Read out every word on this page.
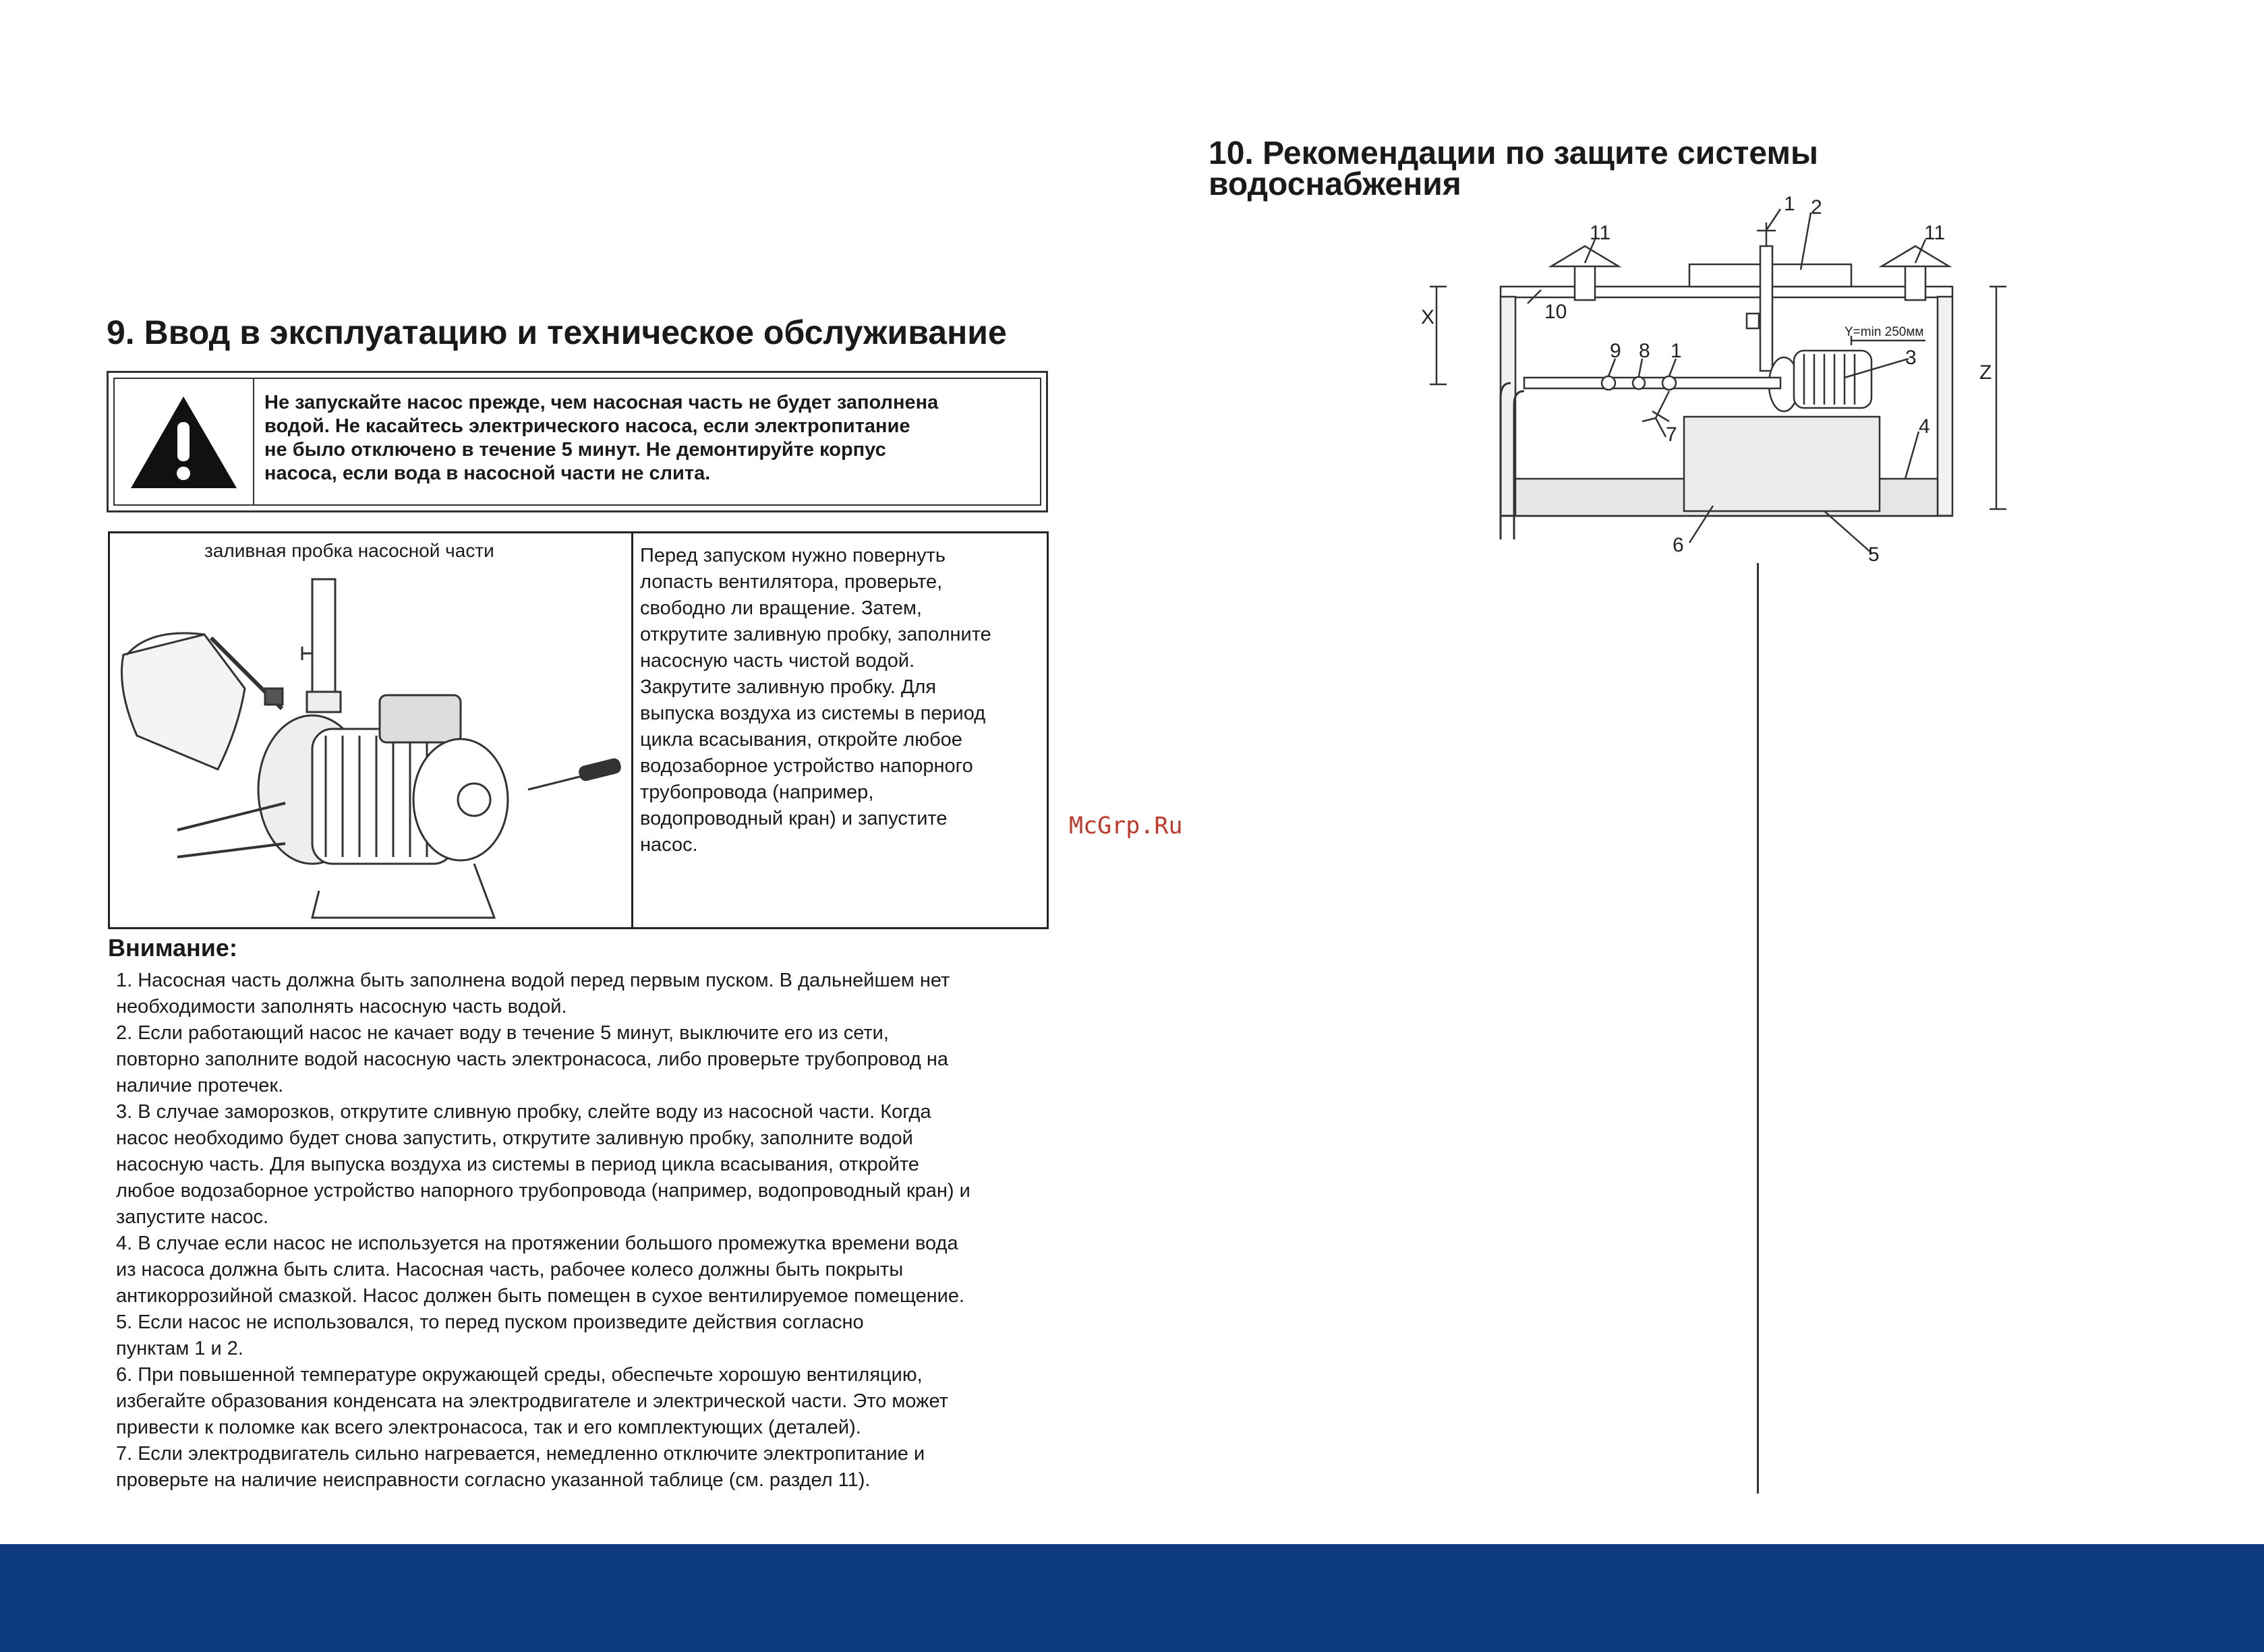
9. Ввод в эксплуатацию и техническое обслуживание
Не запускайте насос прежде, чем насосная часть не будет заполнена
водой. Не касайтесь электрического насоса, если электропитание
не было отключено в течение 5 минут. Не демонтируйте корпус
насоса, если вода в насосной части не слита.
заливная пробка насосной части	Перед запуском нужно повернуть
лопасть вентилятора, проверьте,
свободно ли вращение. Затем,
открутите заливную пробку, заполните
насосную часть чистой водой.
Закрутите заливную пробку. Для
выпуска воздуха из системы в период
цикла всасывания, откройте любое
водозаборное устройство напорного
трубопровода (например,
водопроводный кран) и запустите
насос.
Внимание:

1. Насосная часть должна быть заполнена водой перед первым пуском. В дальнейшем нет

необходимости заполнять насосную часть водой.

2. Если работающий насос не качает воду в течение 5 минут, выключите его из сети,

повторно заполните водой насосную часть электронасоса, либо проверьте трубопровод на

наличие протечек.

3. В случае заморозков, открутите сливную пробку, слейте воду из насосной части. Когда

насос необходимо будет снова запустить, открутите заливную пробку, заполните водой

насосную часть. Для выпуска воздуха из системы в период цикла всасывания, откройте

любое водозаборное устройство напорного трубопровода (например, водопроводный кран) и

запустите насос.

4. В случае если насос не используется на протяжении большого промежутка времени вода

из насоса должна быть слита. Насосная часть, рабочее колесо должны быть покрыты

антикоррозийной смазкой. Насос должен быть помещен в сухое вентилируемое помещение.

5. Если насос не использовался, то перед пуском произведите действия согласно

пунктам 1 и 2.

6. При повышенной температуре окружающей среды, обеспечьте хорошую вентиляцию,

избегайте образования конденсата на электродвигателе и электрической части. Это может

привести к поломке как всего электронасоса, так и его комплектующих (деталей).

7. Если электродвигатель сильно нагревается, немедленно отключите электропитание и

проверьте на наличие неисправности согласно указанной таблице (см. раздел 11).

McGrp.Ru
10. Рекомендации по защите системы
водоснабжения
1 2
11	11
10
9 8 1	3
7	4
6	5
X
Z
Y=min 250мм
